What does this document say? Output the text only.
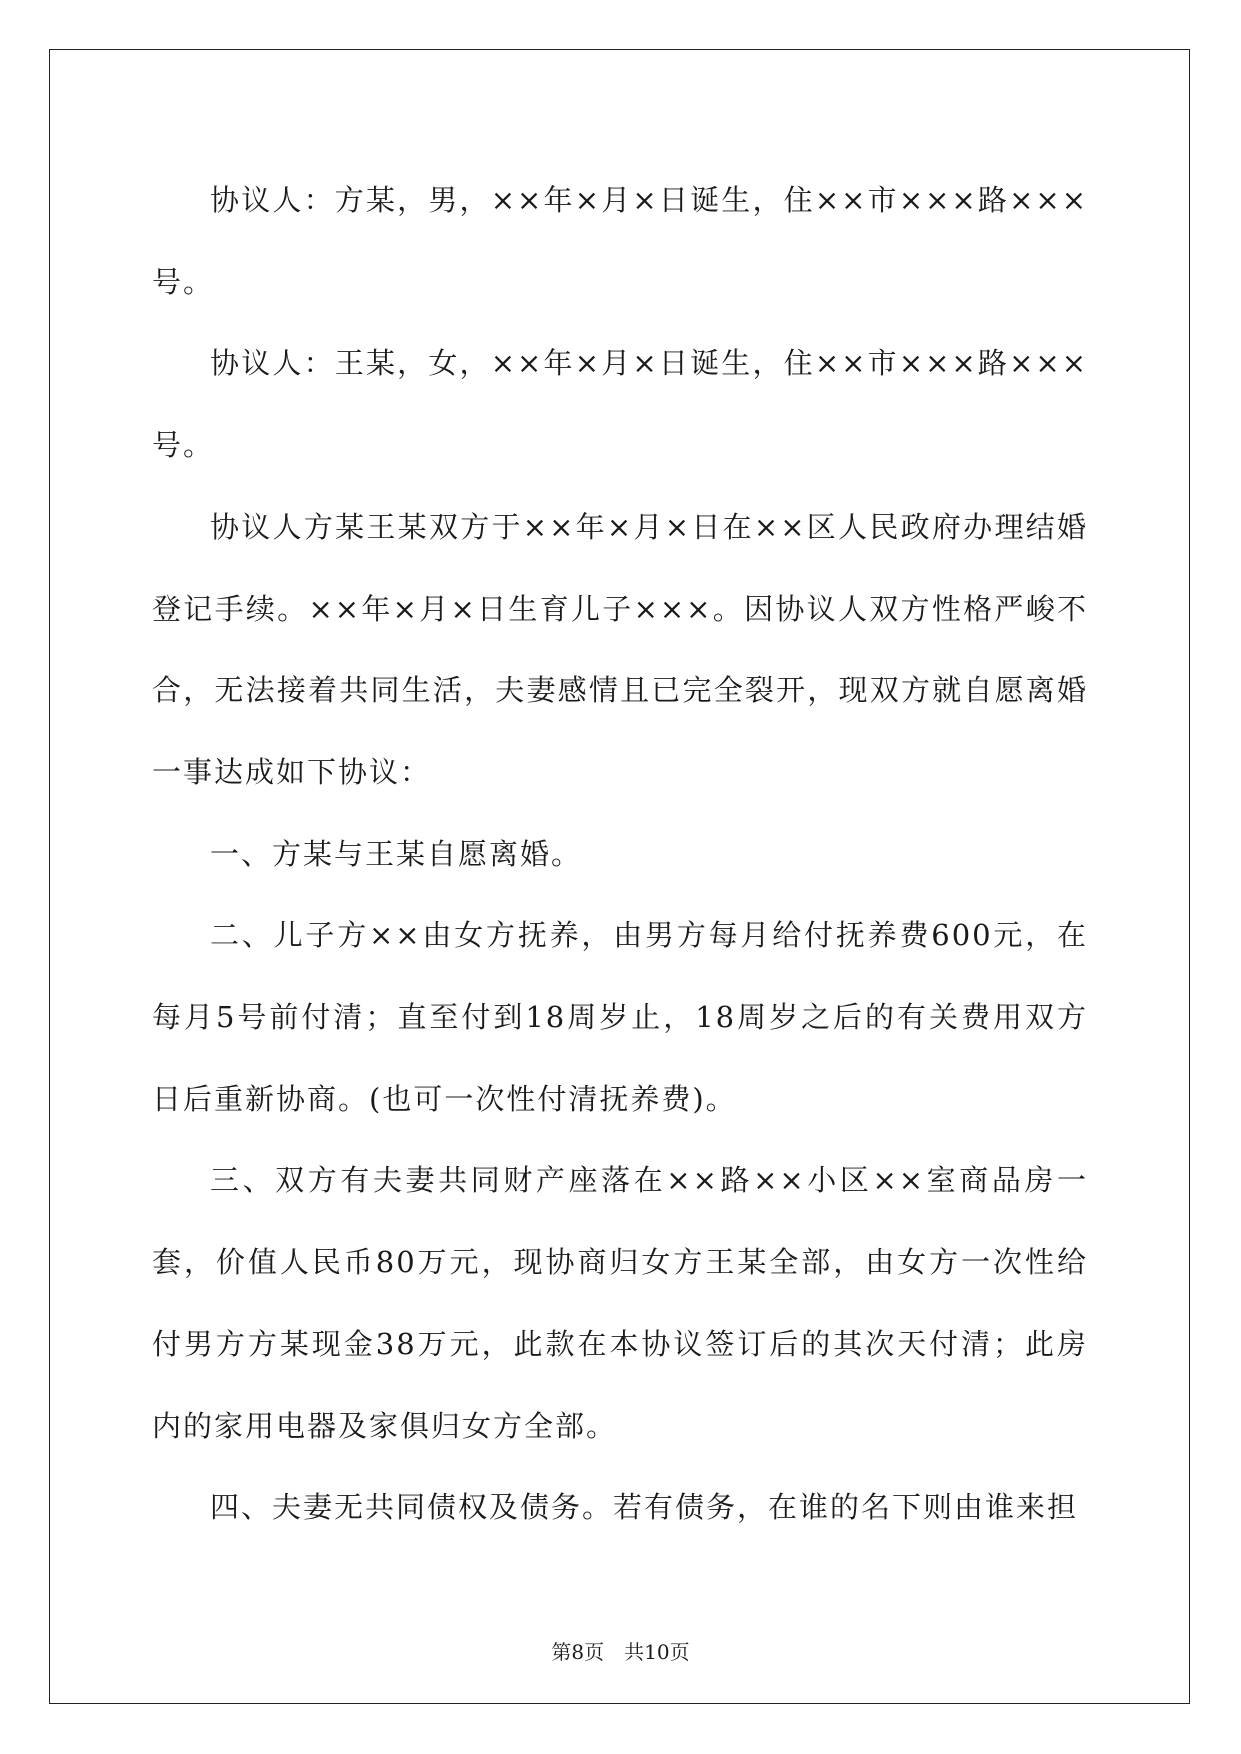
协议人：方某，男，××年×月×日诞生，住××市×××路×××号。

协议人：王某，女，××年×月×日诞生，住××市×××路×××号。

协议人方某王某双方于××年×月×日在××区人民政府办理结婚登记手续。××年×月×日生育儿子×××。因协议人双方性格严峻不合，无法接着共同生活，夫妻感情且已完全裂开，现双方就自愿离婚一事达成如下协议：

一、方某与王某自愿离婚。

二、儿子方××由女方抚养，由男方每月给付抚养费600元，在每月5号前付清；直至付到18周岁止，18周岁之后的有关费用双方日后重新协商。(也可一次性付清抚养费)。

三、双方有夫妻共同财产座落在××路××小区××室商品房一套，价值人民币80万元，现协商归女方王某全部，由女方一次性给付男方方某现金38万元，此款在本协议签订后的其次天付清；此房内的家用电器及家俱归女方全部。

四、夫妻无共同债权及债务。若有债务，在谁的名下则由谁来担

第8页　共10页
